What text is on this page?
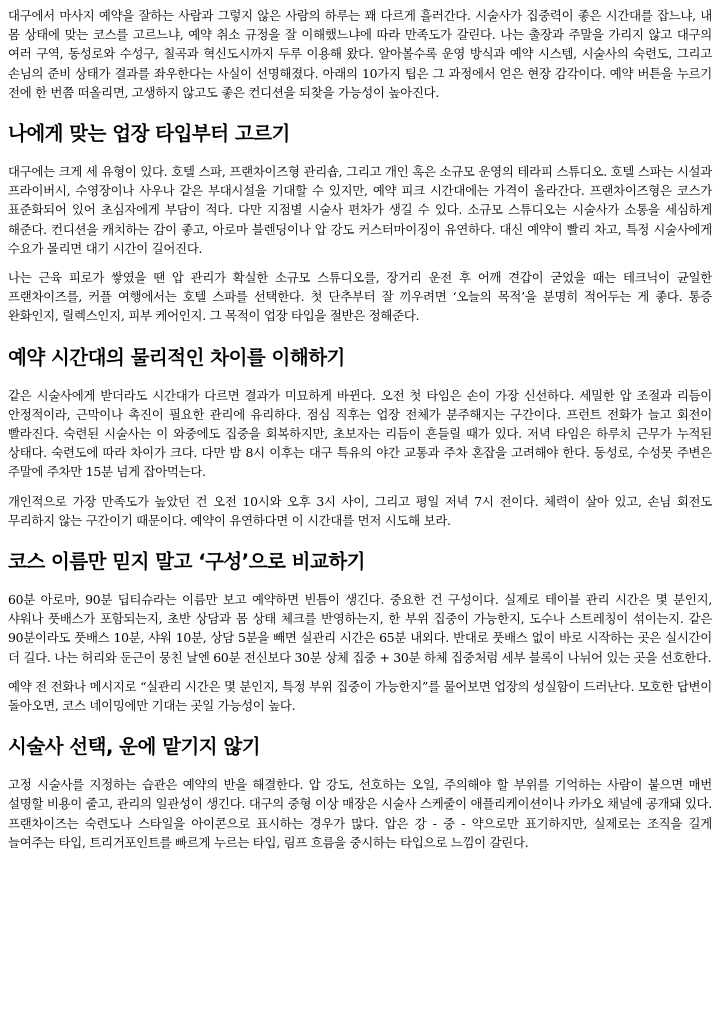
대구에서 마사지 예약을 잘하는 사람과 그렇지 않은 사람의 하루는 꽤 다르게 흘러간다. 시술사가 집중력이 좋은 시간대를 잡느냐, 내 몸 상태에 맞는 코스를 고르느냐, 예약 취소 규정을 잘 이해했느냐에 따라 만족도가 갈린다. 나는 출장과 주말을 가리지 않고 대구의 여러 구역, 동성로와 수성구, 칠곡과 혁신도시까지 두루 이용해 왔다. 알아볼수록 운영 방식과 예약 시스템, 시술사의 숙련도, 그리고 손님의 준비 상태가 결과를 좌우한다는 사실이 선명해졌다. 아래의 10가지 팁은 그 과정에서 얻은 현장 감각이다. 예약 버튼을 누르기 전에 한 번쯤 떠올리면, 고생하지 않고도 좋은 컨디션을 되찾을 가능성이 높아진다.

나에게 맞는 업장 타입부터 고르기

대구에는 크게 세 유형이 있다. 호텔 스파, 프랜차이즈형 관리숍, 그리고 개인 혹은 소규모 운영의 테라피 스튜디오. 호텔 스파는 시설과 프라이버시, 수영장이나 사우나 같은 부대시설을 기대할 수 있지만, 예약 피크 시간대에는 가격이 올라간다. 프랜차이즈형은 코스가 표준화되어 있어 초심자에게 부담이 적다. 다만 지점별 시술사 편차가 생길 수 있다. 소규모 스튜디오는 시술사가 소통을 세심하게 해준다. 컨디션을 캐치하는 감이 좋고, 아로마 블렌딩이나 압 강도 커스터마이징이 유연하다. 대신 예약이 빨리 차고, 특정 시술사에게 수요가 몰리면 대기 시간이 길어진다.

나는 근육 피로가 쌓였을 땐 압 관리가 확실한 소규모 스튜디오를, 장거리 운전 후 어깨 견갑이 굳었을 때는 테크닉이 균일한 프랜차이즈를, 커플 여행에서는 호텔 스파를 선택한다. 첫 단추부터 잘 끼우려면 ‘오늘의 목적’을 분명히 적어두는 게 좋다. 통증 완화인지, 릴렉스인지, 피부 케어인지. 그 목적이 업장 타입을 절반은 정해준다.

예약 시간대의 물리적인 차이를 이해하기

같은 시술사에게 받더라도 시간대가 다르면 결과가 미묘하게 바뀐다. 오전 첫 타임은 손이 가장 신선하다. 세밀한 압 조절과 리듬이 안정적이라, 근막이나 촉진이 필요한 관리에 유리하다. 점심 직후는 업장 전체가 분주해지는 구간이다. 프런트 전화가 늘고 회전이 빨라진다. 숙련된 시술사는 이 와중에도 집중을 회복하지만, 초보자는 리듬이 흔들릴 때가 있다. 저녁 타임은 하루치 근무가 누적된 상태다. 숙련도에 따라 차이가 크다. 다만 밤 8시 이후는 대구 특유의 야간 교통과 주차 혼잡을 고려해야 한다. 동성로, 수성못 주변은 주말에 주차만 15분 넘게 잡아먹는다.

개인적으로 가장 만족도가 높았던 건 오전 10시와 오후 3시 사이, 그리고 평일 저녁 7시 전이다. 체력이 살아 있고, 손님 회전도 무리하지 않는 구간이기 때문이다. 예약이 유연하다면 이 시간대를 먼저 시도해 보라.

코스 이름만 믿지 말고 ‘구성’으로 비교하기

60분 아로마, 90분 딥티슈라는 이름만 보고 예약하면 빈틈이 생긴다. 중요한 건 구성이다. 실제로 테이블 관리 시간은 몇 분인지, 샤워나 풋배스가 포함되는지, 초반 상담과 몸 상태 체크를 반영하는지, 한 부위 집중이 가능한지, 도수나 스트레칭이 섞이는지. 같은 90분이라도 풋배스 10분, 샤워 10분, 상담 5분을 빼면 실관리 시간은 65분 내외다. 반대로 풋배스 없이 바로 시작하는 곳은 실시간이 더 길다. 나는 허리와 둔근이 뭉친 날엔 60분 전신보다 30분 상체 집중 + 30분 하체 집중처럼 세부 블록이 나뉘어 있는 곳을 선호한다.

예약 전 전화나 메시지로 “실관리 시간은 몇 분인지, 특정 부위 집중이 가능한지”를 물어보면 업장의 성실함이 드러난다. 모호한 답변이 돌아오면, 코스 네이밍에만 기대는 곳일 가능성이 높다.

시술사 선택, 운에 맡기지 않기

고정 시술사를 지정하는 습관은 예약의 반을 해결한다. 압 강도, 선호하는 오일, 주의해야 할 부위를 기억하는 사람이 붙으면 매번 설명할 비용이 줄고, 관리의 일관성이 생긴다. 대구의 중형 이상 매장은 시술사 스케줄이 애플리케이션이나 카카오 채널에 공개돼 있다. 프랜차이즈는 숙련도나 스타일을 아이콘으로 표시하는 경우가 많다. 압은 강 - 중 - 약으로만 표기하지만, 실제로는 조직을 길게 늘여주는 타입, 트리거포인트를 빠르게 누르는 타입, 림프 흐름을 중시하는 타입으로 느낌이 갈린다.
